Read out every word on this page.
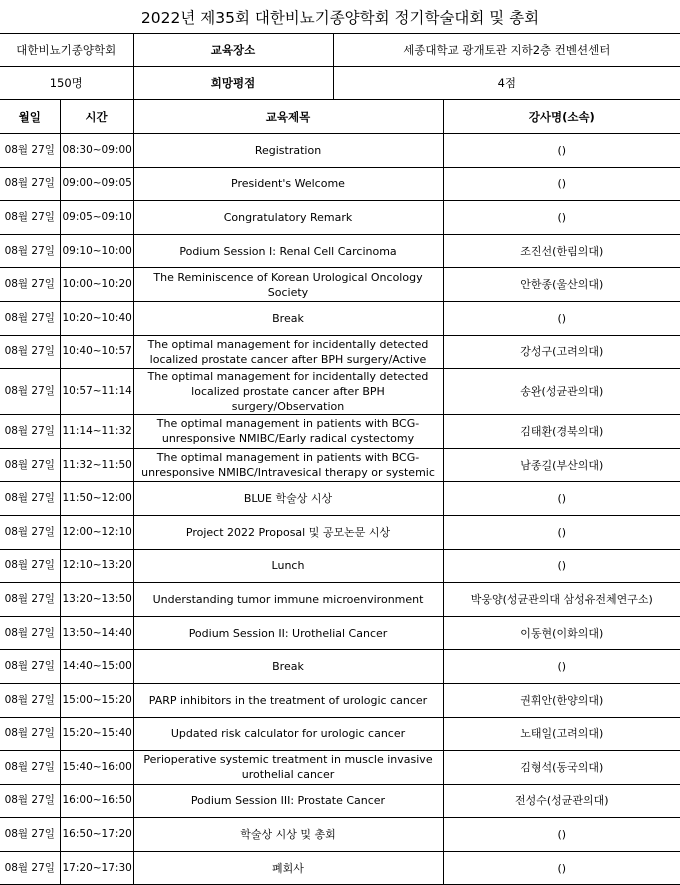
2022년 제35회 대한비뇨기종양학회 정기학술대회 및 총회				
대한비뇨기종양학회		교육장소	세종대학교 광개토관 지하2층 컨벤션센터	
150명		희망평점	4점	
월일	시간	교육제목		강사명(소속)
08월 27일	08:30~09:00	Registration		()
08월 27일	09:00~09:05	President's Welcome		()
08월 27일	09:05~09:10	Congratulatory Remark		()
08월 27일	09:10~10:00	Podium Session I: Renal Cell Carcinoma		조진선(한림의대)
08월 27일	10:00~10:20	The Reminiscence of Korean Urological Oncology Society		안한종(울산의대)
08월 27일	10:20~10:40	Break		()
08월 27일	10:40~10:57	The optimal management for incidentally detected localized prostate cancer after BPH surgery/Active		강성구(고려의대)
08월 27일	10:57~11:14	The optimal management for incidentally detected localized prostate cancer after BPH surgery/Observation		송완(성균관의대)
08월 27일	11:14~11:32	The optimal management in patients with BCG-unresponsive NMIBC/Early radical cystectomy		김태환(경북의대)
08월 27일	11:32~11:50	The optimal management in patients with BCG-unresponsive NMIBC/Intravesical therapy or systemic		남종길(부산의대)
08월 27일	11:50~12:00	BLUE 학술상 시상		()
08월 27일	12:00~12:10	Project 2022 Proposal 및 공모논문 시상		()
08월 27일	12:10~13:20	Lunch		()
08월 27일	13:20~13:50	Understanding tumor immune microenvironment		박웅양(성균관의대 삼성유전체연구소)
08월 27일	13:50~14:40	Podium Session II: Urothelial Cancer		이동현(이화의대)
08월 27일	14:40~15:00	Break		()
08월 27일	15:00~15:20	PARP inhibitors in the treatment of urologic cancer		권휘안(한양의대)
08월 27일	15:20~15:40	Updated risk calculator for urologic cancer		노태일(고려의대)
08월 27일	15:40~16:00	Perioperative systemic treatment in muscle invasive urothelial cancer		김형석(동국의대)
08월 27일	16:00~16:50	Podium Session III: Prostate Cancer		전성수(성균관의대)
08월 27일	16:50~17:20	학술상 시상 및 총회		()
08월 27일	17:20~17:30	폐회사		()
